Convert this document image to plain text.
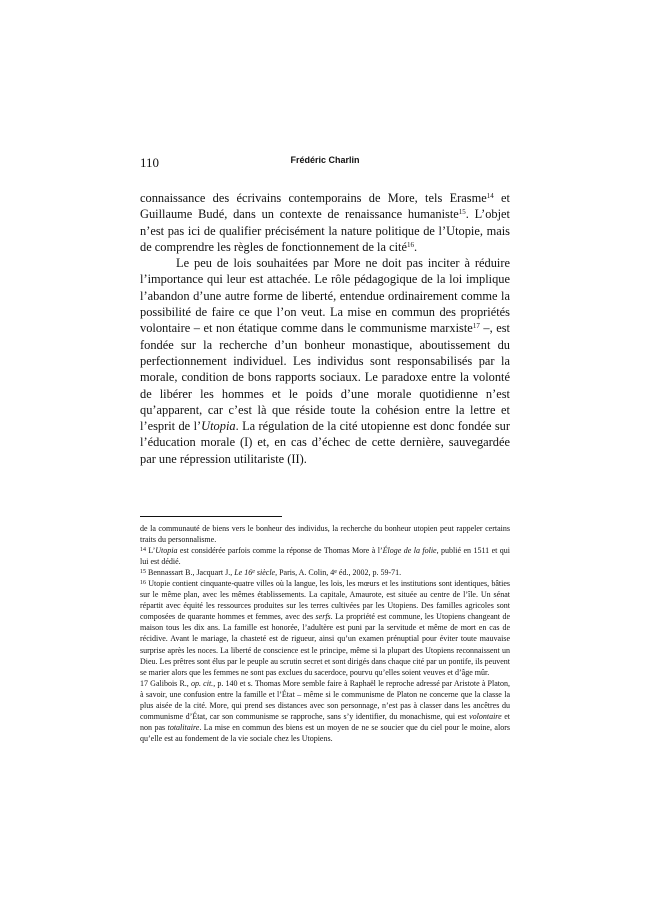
110	Frédéric Charlin

connaissance des écrivains contemporains de More, tels Erasme$^{14}$ et Guillaume Budé, dans un contexte de renaissance humaniste$^{15}$. L’objet n’est pas ici de qualifier précisément la nature politique de l’Utopie, mais de comprendre les règles de fonctionnement de la cité$^{16}$.

Le peu de lois souhaitées par More ne doit pas inciter à réduire l’importance qui leur est attachée. Le rôle pédagogique de la loi implique l’abandon d’une autre forme de liberté, entendue ordinairement comme la possibilité de faire ce que l’on veut. La mise en commun des propriétés volontaire – et non étatique comme dans le communisme marxiste$^{17}$ –, est fondée sur la recherche d’un bonheur monastique, aboutissement du perfectionnement individuel. Les individus sont responsabilisés par la morale, condition de bons rapports sociaux. Le paradoxe entre la volonté de libérer les hommes et le poids d’une morale quotidienne n’est qu’apparent, car c’est là que réside toute la cohésion entre la lettre et l’esprit de l’Utopia. La régulation de la cité utopienne est donc fondée sur l’éducation morale (I) et, en cas d’échec de cette dernière, sauvegardée par une répression utilitariste (II).

de la communauté de biens vers le bonheur des individus, la recherche du bonheur utopien peut rappeler certains traits du personnalisme.

$^{14}$ L’Utopia est considérée parfois comme la réponse de Thomas More à l’Éloge de la folie, publié en 1511 et qui lui est dédié.

$^{15}$ Bennassart B., Jacquart J., Le 16e siècle, Paris, A. Colin, 4e éd., 2002, p. 59-71.

$^{16}$ Utopie contient cinquante-quatre villes où la langue, les lois, les mœurs et les institutions sont identiques, bâties sur le même plan, avec les mêmes établissements. La capitale, Amaurote, est située au centre de l’île. Un sénat répartit avec équité les ressources produites sur les terres cultivées par les Utopiens. Des familles agricoles sont composées de quarante hommes et femmes, avec des serfs. La propriété est commune, les Utopiens changeant de maison tous les dix ans. La famille est honorée, l’adultère est puni par la servitude et même de mort en cas de récidive. Avant le mariage, la chasteté est de rigueur, ainsi qu’un examen prénuptial pour éviter toute mauvaise surprise après les noces. La liberté de conscience est le principe, même si la plupart des Utopiens reconnaissent un Dieu. Les prêtres sont élus par le peuple au scrutin secret et sont dirigés dans chaque cité par un pontife, ils peuvent se marier alors que les femmes ne sont pas exclues du sacerdoce, pourvu qu’elles soient veuves et d’âge mûr.

17 Galibois R., op. cit., p. 140 et s. Thomas More semble faire à Raphaël le reproche adressé par Aristote à Platon, à savoir, une confusion entre la famille et l’État – même si le communisme de Platon ne concerne que la classe la plus aisée de la cité. More, qui prend ses distances avec son personnage, n’est pas à classer dans les ancêtres du communisme d’État, car son communisme se rapproche, sans s’y identifier, du monachisme, qui est volontaire et non pas totalitaire. La mise en commun des biens est un moyen de ne se soucier que du ciel pour le moine, alors qu’elle est au fondement de la vie sociale chez les Utopiens.
